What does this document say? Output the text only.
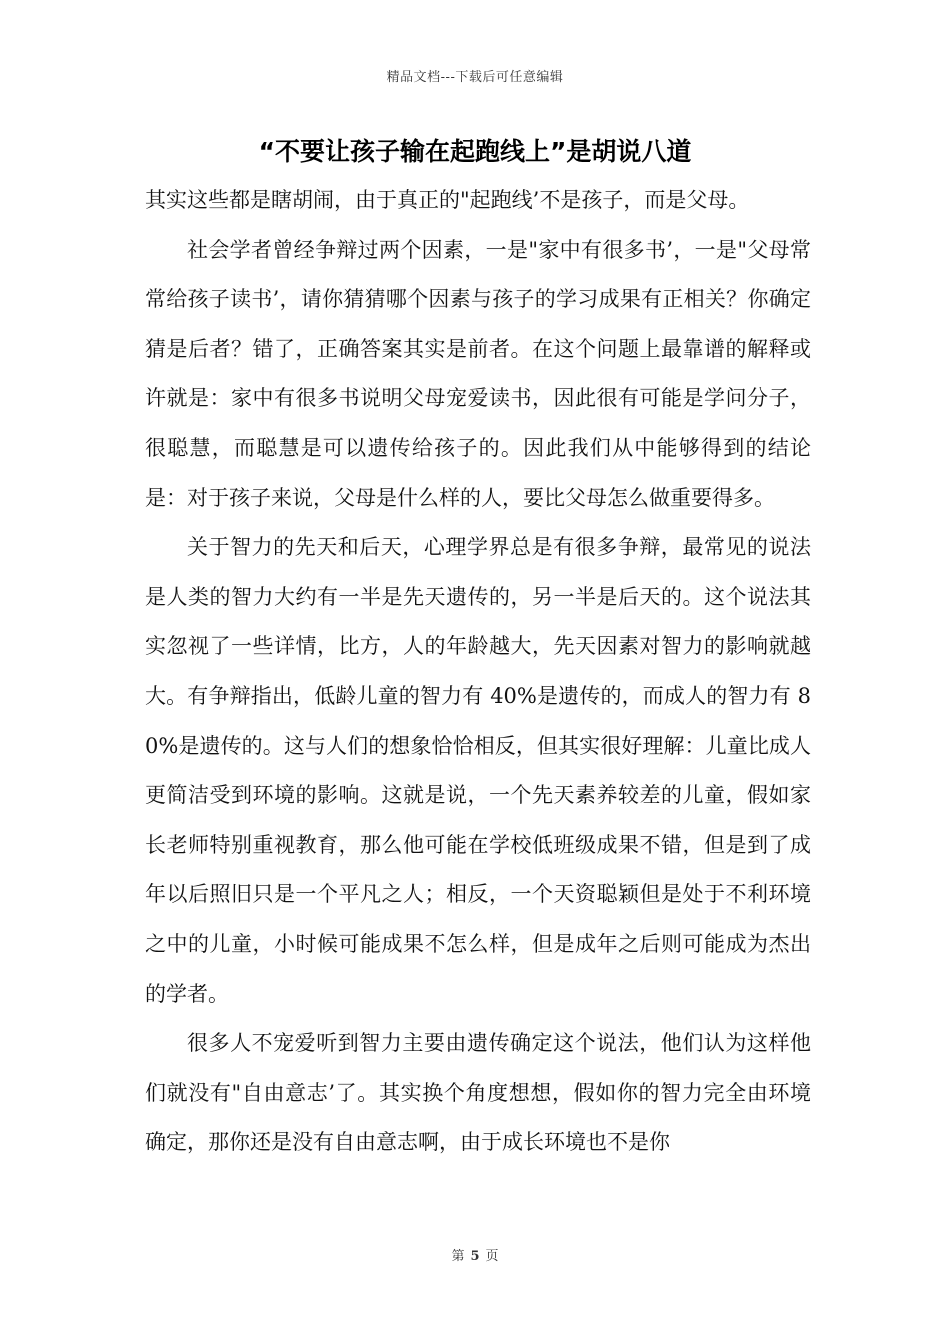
精品文档---下载后可任意编辑
“不要让孩子输在起跑线上”是胡说八道

其实这些都是瞎胡闹，由于真正的"起跑线’不是孩子，而是父母。

社会学者曾经争辩过两个因素，一是"家中有很多书’，一是"父母常常给孩子读书’，请你猜猜哪个因素与孩子的学习成果有正相关？你确定猜是后者？错了，正确答案其实是前者。在这个问题上最靠谱的解释或许就是：家中有很多书说明父母宠爱读书，因此很有可能是学问分子，很聪慧，而聪慧是可以遗传给孩子的。因此我们从中能够得到的结论是：对于孩子来说，父母是什么样的人，要比父母怎么做重要得多。

关于智力的先天和后天，心理学界总是有很多争辩，最常见的说法是人类的智力大约有一半是先天遗传的，另一半是后天的。这个说法其实忽视了一些详情，比方，人的年龄越大，先天因素对智力的影响就越大。有争辩指出，低龄儿童的智力有 40%是遗传的，而成人的智力有 80%是遗传的。这与人们的想象恰恰相反，但其实很好理解：儿童比成人更简洁受到环境的影响。这就是说，一个先天素养较差的儿童，假如家长老师特别重视教育，那么他可能在学校低班级成果不错，但是到了成年以后照旧只是一个平凡之人；相反，一个天资聪颖但是处于不利环境之中的儿童，小时候可能成果不怎么样，但是成年之后则可能成为杰出的学者。

很多人不宠爱听到智力主要由遗传确定这个说法，他们认为这样他们就没有"自由意志’了。其实换个角度想想，假如你的智力完全由环境确定，那你还是没有自由意志啊，由于成长环境也不是你

第 5 页
